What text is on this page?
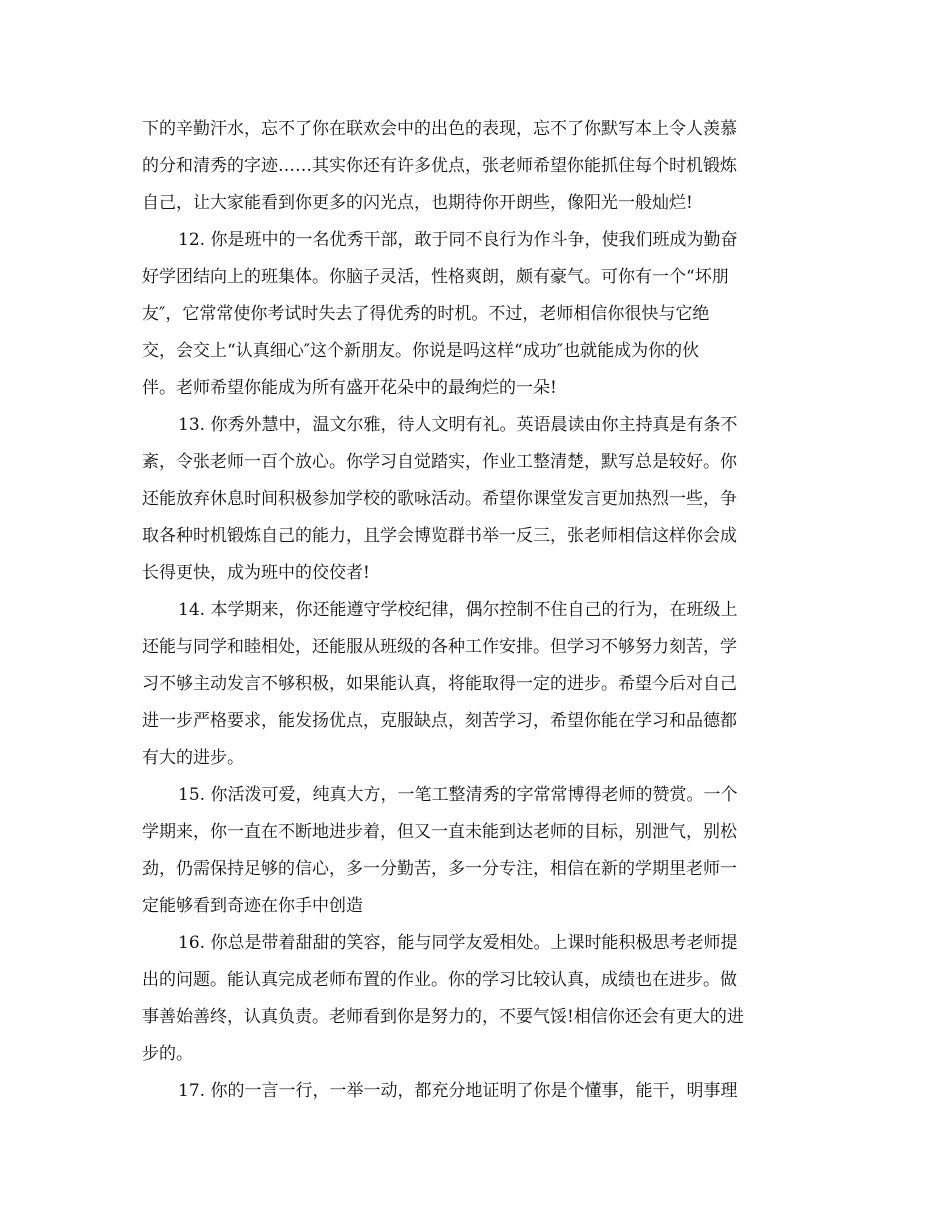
下的辛勤汗水，忘不了你在联欢会中的出色的表现，忘不了你默写本上令人羡慕
的分和清秀的字迹……其实你还有许多优点，张老师希望你能抓住每个时机锻炼
自己，让大家能看到你更多的闪光点，也期待你开朗些，像阳光一般灿烂!
12. 你是班中的一名优秀干部，敢于同不良行为作斗争，使我们班成为勤奋
好学团结向上的班集体。你脑子灵活，性格爽朗，颇有豪气。可你有一个“坏朋
友″，它常常使你考试时失去了得优秀的时机。不过，老师相信你很快与它绝
交，会交上“认真细心″这个新朋友。你说是吗这样“成功″也就能成为你的伙
伴。老师希望你能成为所有盛开花朵中的最绚烂的一朵!
13. 你秀外慧中，温文尔雅，待人文明有礼。英语晨读由你主持真是有条不
紊，令张老师一百个放心。你学习自觉踏实，作业工整清楚，默写总是较好。你
还能放弃休息时间积极参加学校的歌咏活动。希望你课堂发言更加热烈一些，争
取各种时机锻炼自己的能力，且学会博览群书举一反三，张老师相信这样你会成
长得更快，成为班中的佼佼者!
14. 本学期来，你还能遵守学校纪律，偶尔控制不住自己的行为，在班级上
还能与同学和睦相处，还能服从班级的各种工作安排。但学习不够努力刻苦，学
习不够主动发言不够积极，如果能认真，将能取得一定的进步。希望今后对自己
进一步严格要求，能发扬优点，克服缺点，刻苦学习，希望你能在学习和品德都
有大的进步。
15. 你活泼可爱，纯真大方，一笔工整清秀的字常常博得老师的赞赏。一个
学期来，你一直在不断地进步着，但又一直未能到达老师的目标，别泄气，别松
劲，仍需保持足够的信心，多一分勤苦，多一分专注，相信在新的学期里老师一
定能够看到奇迹在你手中创造
16. 你总是带着甜甜的笑容，能与同学友爱相处。上课时能积极思考老师提
出的问题。能认真完成老师布置的作业。你的学习比较认真，成绩也在进步。做
事善始善终，认真负责。老师看到你是努力的，不要气馁!相信你还会有更大的进
步的。
17. 你的一言一行，一举一动，都充分地证明了你是个懂事，能干，明事理
